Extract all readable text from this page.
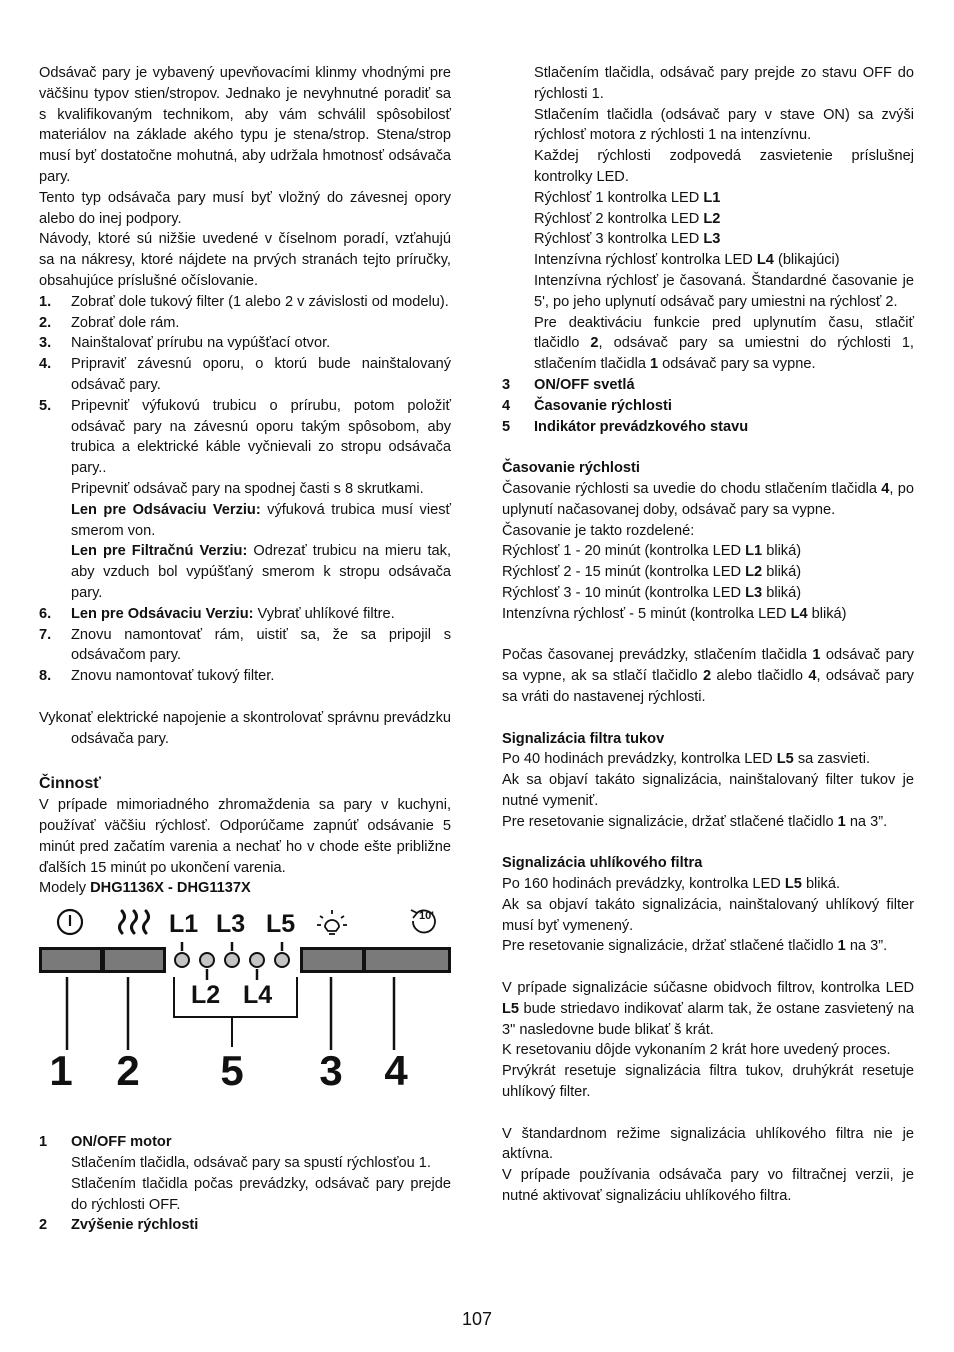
Odsávač pary je vybavený upevňovacími klinmy vhodnými pre väčšinu typov stien/stropov. Jednako je nevyhnutné poradiť sa s kvalifikovaným technikom, aby vám schválil spôsobilosť materiálov na základe akého typu je stena/strop. Stena/strop musí byť dostatočne mohutná, aby udržala hmotnosť odsávača pary.

Tento typ odsávača pary musí byť vložný do závesnej opory alebo do inej podpory.

Návody, ktoré sú nižšie uvedené v číselnom poradí, vzťahujú sa na nákresy, ktoré nájdete na prvých stranách tejto príručky, obsahujúce príslušné očíslovanie.

1.	Zobrať dole tukový filter (1 alebo 2 v závislosti od modelu).
2.	Zobrať dole rám.
3.	Nainštalovať prírubu na vypúšťací otvor.
4.	Pripraviť závesnú oporu, o ktorú bude nainštalovaný odsávač pary.
5.	Pripevniť výfukovú trubicu o prírubu, potom položiť odsávač pary na závesnú oporu takým spôsobom, aby trubica a elektrické káble vyčnievali zo stropu odsávača pary..

Pripevniť odsávač pary na spodnej časti s 8 skrutkami.

Len pre Odsávaciu Verziu: výfuková trubica musí viesť smerom von.

Len pre Filtračnú Verziu: Odrezať trubicu na mieru tak, aby vzduch bol vypúšťaný smerom k stropu odsávača pary.

6.	Len pre Odsávaciu Verziu: Vybrať uhlíkové filtre.
7.	Znovu namontovať rám, uistiť sa, že sa pripojil s odsávačom pary.
8.	Znovu namontovať tukový filter.

Vykonať elektrické napojenie a skontrolovať správnu prevádzku odsávača pary.

Činnosť

V prípade mimoriadného zhromaždenia sa pary v kuchyni, používať väčšiu rýchlosť. Odporúčame zapnúť odsávanie 5 minút pred začatím varenia a nechať ho v chode ešte približne ďalších 15 minút po ukončení varenia.

Modely DHG1136X - DHG1137X

L1 L3 L5	10'
L2 L4
1 2 5 3 4
1	ON/OFF motor

Stlačením tlačidla, odsávač pary sa spustí rýchlosťou 1.

Stlačením tlačidla počas prevádzky, odsávač pary prejde do rýchlosti OFF.

2	Zvýšenie rýchlosti

Stlačením tlačidla, odsávač pary prejde zo stavu OFF do rýchlosti 1.

Stlačením tlačidla (odsávač pary v stave ON) sa zvýši rýchlosť motora z rýchlosti 1 na intenzívnu.

Každej rýchlosti zodpovedá zasvietenie príslušnej kontrolky LED.

Rýchlosť 1 kontrolka LED L1

Rýchlosť 2 kontrolka LED L2

Rýchlosť 3 kontrolka LED L3

Intenzívna rýchlosť kontrolka LED L4 (blikajúci)

Intenzívna rýchlosť je časovaná. Štandardné časovanie je 5', po jeho uplynutí odsávač pary umiestni na rýchlosť 2.

Pre deaktiváciu funkcie pred uplynutím času, stlačiť tlačidlo 2, odsávač pary sa umiestni do rýchlosti 1, stlačením tlačidla 1 odsávač pary sa vypne.

3	ON/OFF svetlá
4	Časovanie rýchlosti
5	Indikátor prevádzkového stavu

Časovanie rýchlosti

Časovanie rýchlosti sa uvedie do chodu stlačením tlačidla 4, po uplynutí načasovanej doby, odsávač pary sa vypne.

Časovanie je takto rozdelené:

Rýchlosť 1 - 20 minút (kontrolka LED L1 bliká)

Rýchlosť 2 - 15 minút (kontrolka LED L2 bliká)

Rýchlosť 3 - 10 minút (kontrolka LED L3 bliká)

Intenzívna rýchlosť - 5 minút (kontrolka LED L4 bliká)

Počas časovanej prevádzky, stlačením tlačidla 1 odsávač pary sa vypne, ak sa stlačí tlačidlo 2 alebo tlačidlo 4, odsávač pary sa vráti do nastavenej rýchlosti.

Signalizácia filtra tukov

Po 40 hodinách prevádzky, kontrolka LED L5 sa zasvieti.

Ak sa objaví takáto signalizácia, nainštalovaný filter tukov je nutné vymeniť.

Pre resetovanie signalizácie, držať stlačené tlačidlo 1 na 3”.

Signalizácia uhlíkového filtra

Po 160 hodinách prevádzky, kontrolka LED L5 bliká.

Ak sa objaví takáto signalizácia, nainštalovaný uhlíkový filter musí byť vymenený.

Pre resetovanie signalizácie, držať stlačené tlačidlo 1 na 3”.

V prípade signalizácie súčasne obidvoch filtrov, kontrolka LED L5 bude striedavo indikovať alarm tak, že ostane zasvietený na 3" nasledovne bude blikať š krát.

K resetovaniu dôjde vykonaním 2 krát hore uvedený proces.

Prvýkrát resetuje signalizácia filtra tukov, druhýkrát resetuje uhlíkový filter.

V štandardnom režime signalizácia uhlíkového filtra nie je aktívna.

V prípade používania odsávača pary vo filtračnej verzii, je nutné aktivovať signalizáciu uhlíkového filtra.

107
